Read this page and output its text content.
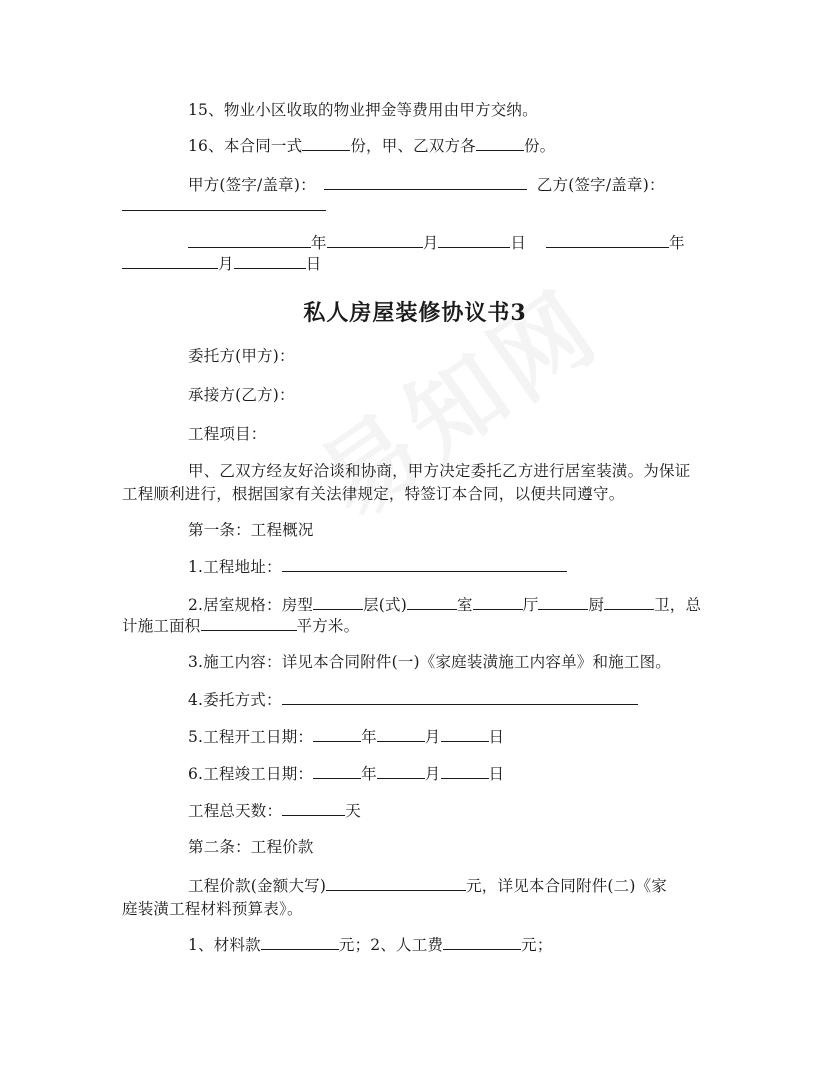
15、物业小区收取的物业押金等费用由甲方交纳。
16、本合同一式	份，甲、乙双方各	份。
甲方(签字/盖章)：	乙方(签字/盖章)：
年	月	日	年
月	日
私人房屋装修协议书3
委托方(甲方)：
承接方(乙方)：
工程项目：
甲、乙双方经友好洽谈和协商，甲方决定委托乙方进行居室装潢。为保证
工程顺利进行，根据国家有关法律规定，特签订本合同，以便共同遵守。
第一条：工程概况
1.工程地址：
2.居室规格：房型	层(式)	室	厅	厨	卫，总
计施工面积	平方米。
3.施工内容：详见本合同附件(一)《家庭装潢施工内容单》和施工图。
4.委托方式：
5.工程开工日期：	年	月	日
6.工程竣工日期：	年	月	日
工程总天数：	天
第二条：工程价款
工程价款(金额大写)	元，详见本合同附件(二)《家
庭装潢工程材料预算表》。
1、材料款	元；2、人工费	元；
